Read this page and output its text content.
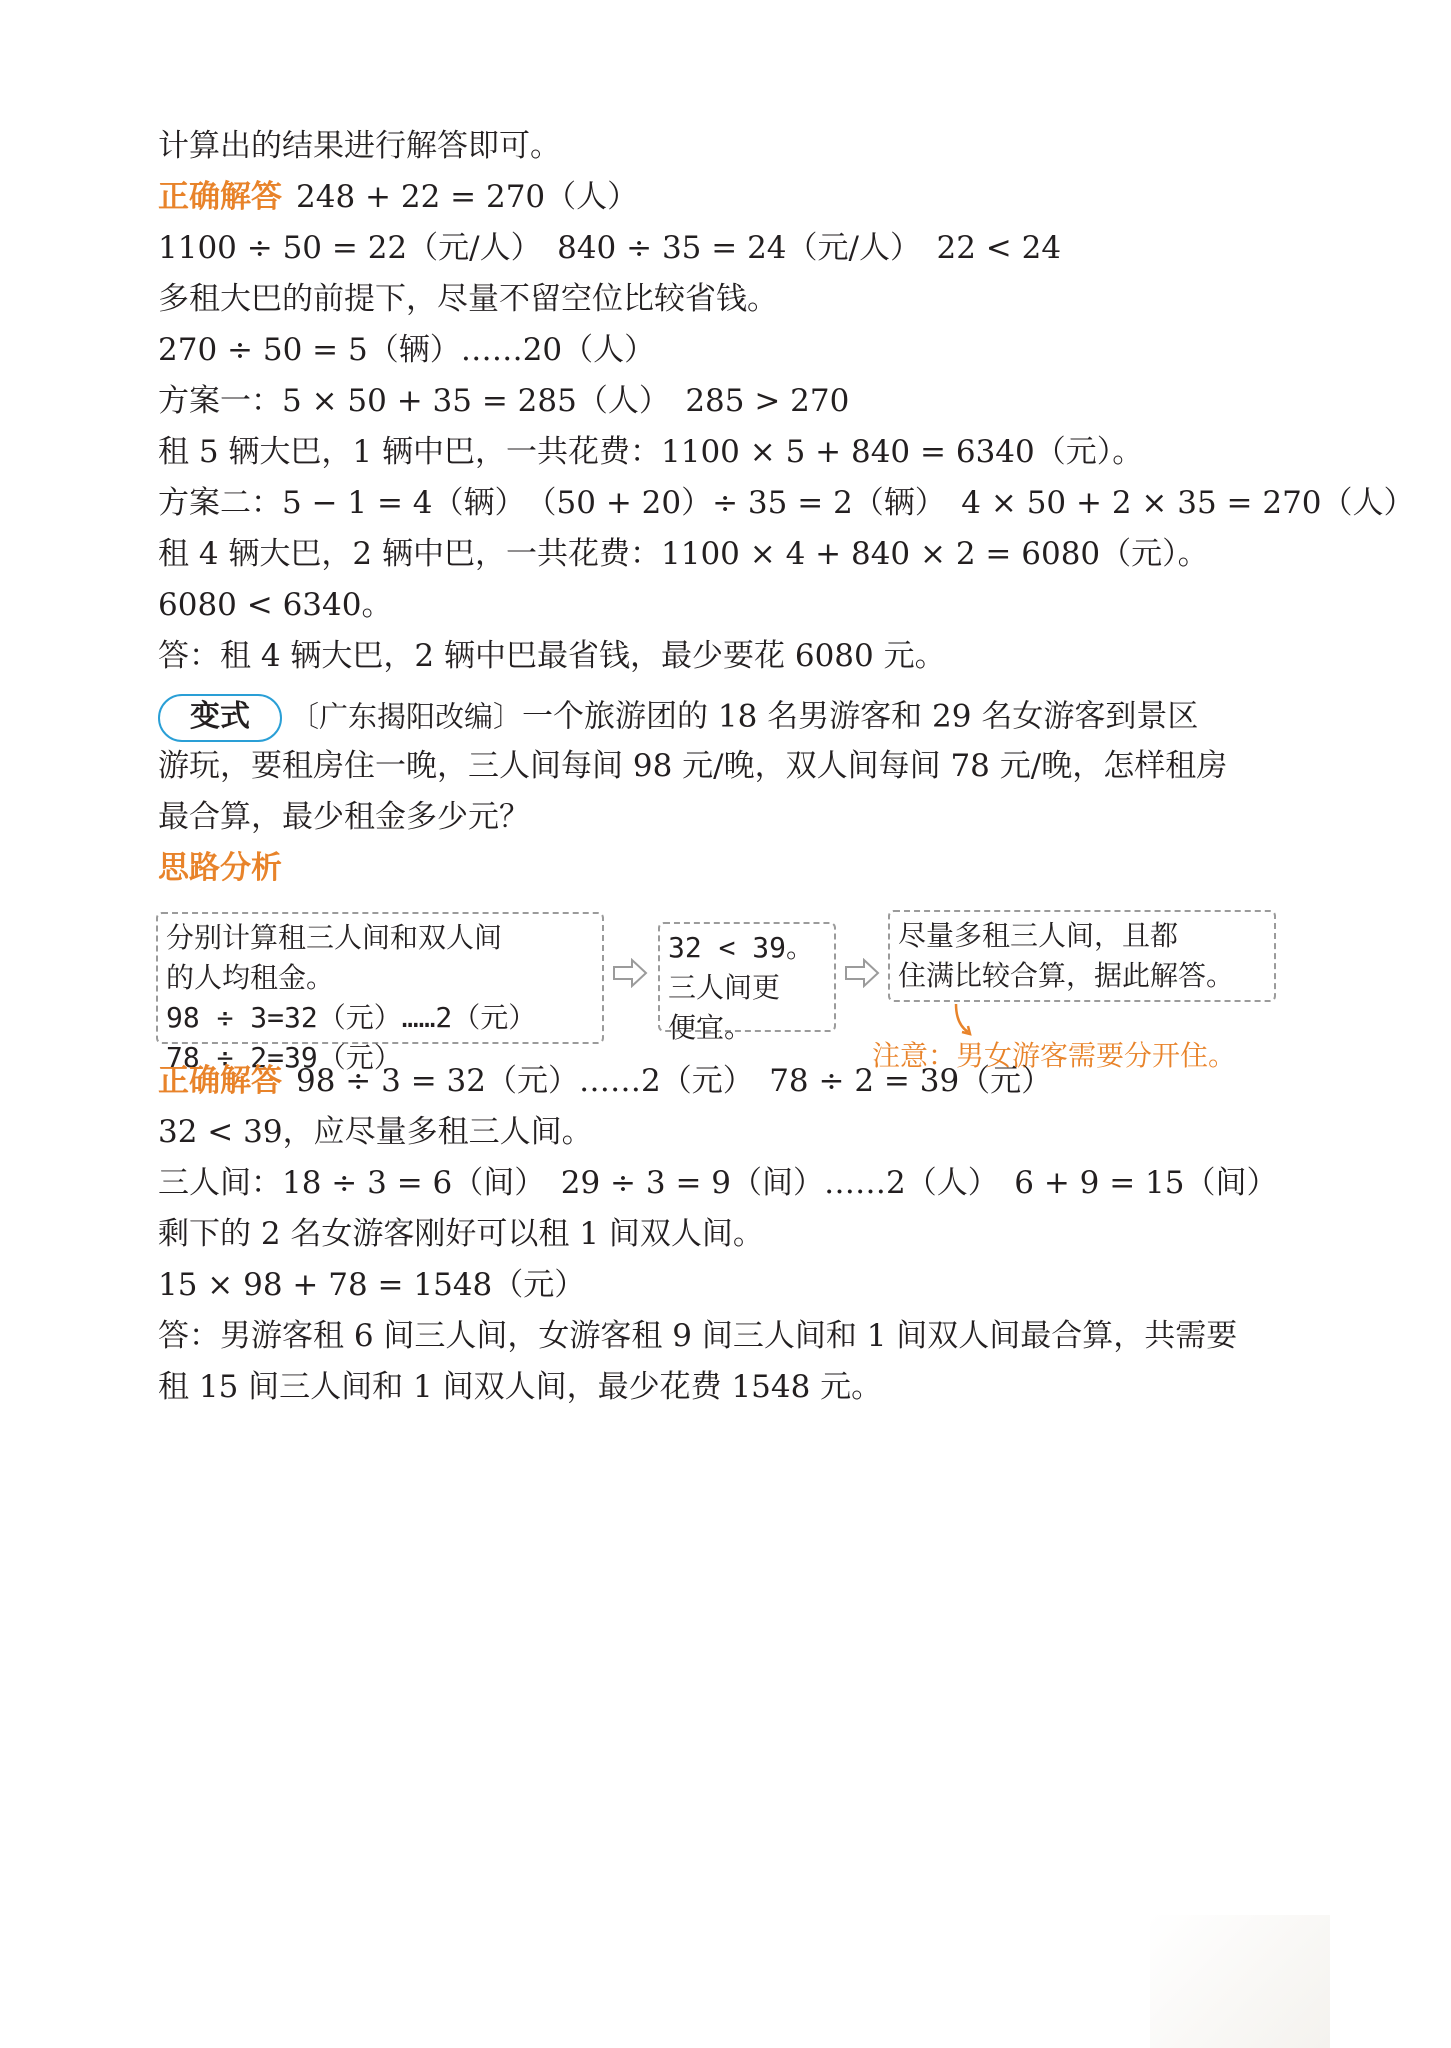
计算出的结果进行解答即可。
正确解答 248 + 22 = 270（人）
1100 ÷ 50 = 22（元/人）　840 ÷ 35 = 24（元/人）　22 < 24
多租大巴的前提下，尽量不留空位比较省钱。
270 ÷ 50 = 5（辆）……20（人）
方案一：5 × 50 + 35 = 285（人）　285 > 270
租 5 辆大巴，1 辆中巴，一共花费：1100 × 5 + 840 = 6340（元）。
方案二：5 − 1 = 4（辆）　（50 + 20）÷ 35 = 2（辆）　4 × 50 + 2 × 35 = 270（人）
租 4 辆大巴，2 辆中巴，一共花费：1100 × 4 + 840 × 2 = 6080（元）。
6080 < 6340。
答：租 4 辆大巴，2 辆中巴最省钱，最少要花 6080 元。
变式 〔广东揭阳改编〕一个旅游团的 18 名男游客和 29 名女游客到景区
游玩，要租房住一晚，三人间每间 98 元/晚，双人间每间 78 元/晚，怎样租房
最合算，最少租金多少元？
思路分析
分别计算租三人间和双人间
的人均租金。
98 ÷ 3=32（元）……2（元）
78 ÷ 2=39（元）
32 < 39。
三人间更
便宜。
尽量多租三人间，且都
住满比较合算，据此解答。
注意：男女游客需要分开住。
正确解答 98 ÷ 3 = 32（元）……2（元）　78 ÷ 2 = 39（元）
32 < 39，应尽量多租三人间。
三人间：18 ÷ 3 = 6（间）　29 ÷ 3 = 9（间）……2（人）　6 + 9 = 15（间）
剩下的 2 名女游客刚好可以租 1 间双人间。
15 × 98 + 78 = 1548（元）
答：男游客租 6 间三人间，女游客租 9 间三人间和 1 间双人间最合算，共需要
租 15 间三人间和 1 间双人间，最少花费 1548 元。
